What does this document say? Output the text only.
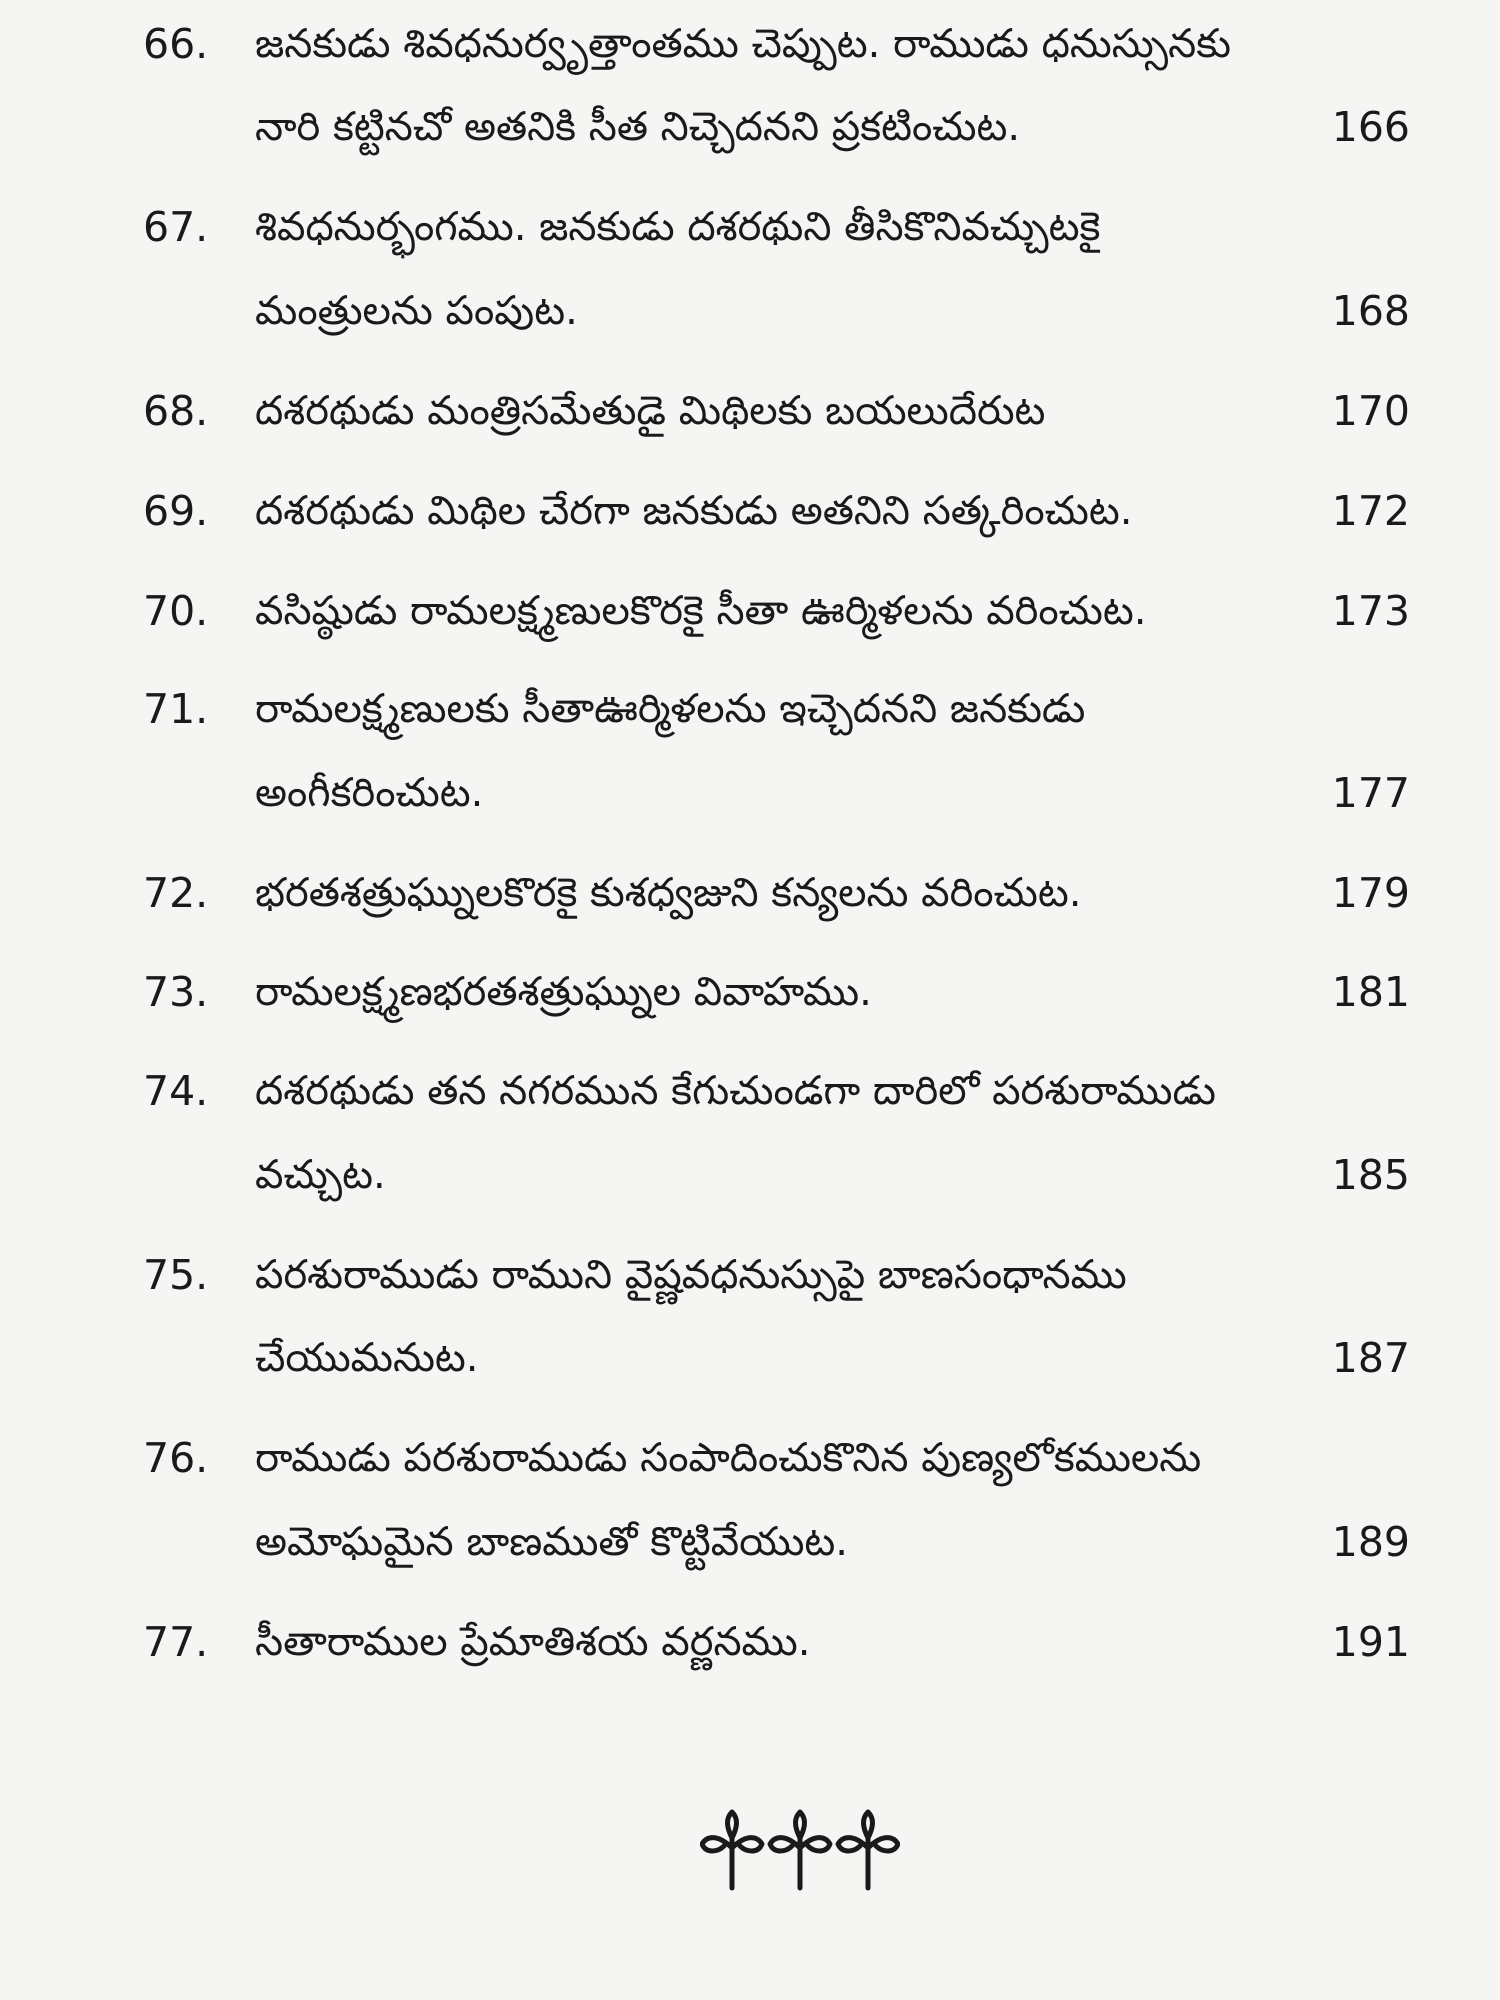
66. జనకుడు శివధనుర్వృత్తాంతము చెప్పుట. రాముడు ధనుస్సునకు
నారి కట్టినచో అతనికి సీత నిచ్చెదనని ప్రకటించుట.	166
67. శివధనుర్భంగము. జనకుడు దశరథుని తీసికొనివచ్చుటకై
మంత్రులను పంపుట.	168
68. దశరథుడు మంత్రిసమేతుడై మిథిలకు బయలుదేరుట	170
69. దశరథుడు మిథిల చేరగా జనకుడు అతనిని సత్కరించుట.	172
70. వసిష్ఠుడు రామలక్ష్మణులకొరకై సీతా ఊర్మిళలను వరించుట.	173
71. రామలక్ష్మణులకు సీతాఊర్మిళలను ఇచ్చెదనని జనకుడు
అంగీకరించుట.	177
72. భరతశత్రుఘ్నులకొరకై కుశధ్వజుని కన్యలను వరించుట.	179
73. రామలక్ష్మణభరతశత్రుఘ్నుల వివాహము.	181
74. దశరథుడు తన నగరమున కేగుచుండగా దారిలో పరశురాముడు
వచ్చుట.	185
75. పరశురాముడు రాముని వైష్ణవధనుస్సుపై బాణసంధానము
చేయుమనుట.	187
76. రాముడు పరశురాముడు సంపాదించుకొనిన పుణ్యలోకములను
అమోఘమైన బాణముతో కొట్టివేయుట.	189
77. సీతారాముల ప్రేమాతిశయ వర్ణనము.	191
